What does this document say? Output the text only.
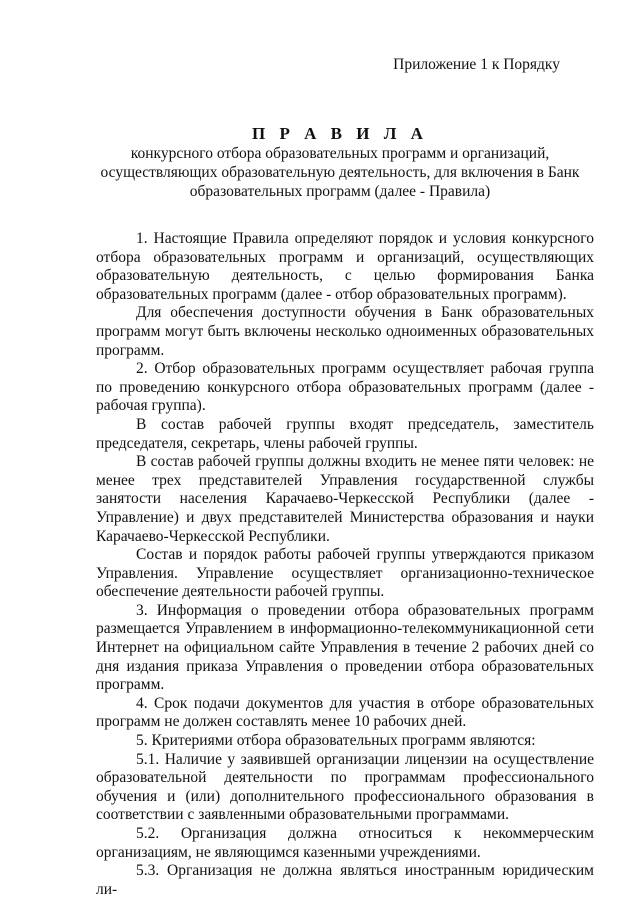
Приложение 1 к Порядку
П Р А В И Л А
конкурсного отбора образовательных программ и организаций,
осуществляющих образовательную деятельность, для включения в Банк
образовательных программ (далее - Правила)

1. Настоящие Правила определяют порядок и условия конкурсного отбора образовательных программ и организаций, осуществляющих образовательную деятельность, с целью формирования Банка образовательных программ (далее - отбор образовательных программ).

Для обеспечения доступности обучения в Банк образовательных программ могут быть включены несколько одноименных образовательных программ.

2. Отбор образовательных программ осуществляет рабочая группа по проведению конкурсного отбора образовательных программ (далее - рабочая группа).

В состав рабочей группы входят председатель, заместитель председателя, секретарь, члены рабочей группы.

В состав рабочей группы должны входить не менее пяти человек: не менее трех представителей Управления государственной службы занятости населения Карачаево-Черкесской Республики (далее - Управление) и двух представителей Министерства образования и науки Карачаево-Черкесской Республики.

Состав и порядок работы рабочей группы утверждаются приказом Управления. Управление осуществляет организационно-техническое обеспечение деятельности рабочей группы.

3. Информация о проведении отбора образовательных программ размещается Управлением в информационно-телекоммуникационной сети Интернет на официальном сайте Управления в течение 2 рабочих дней со дня издания приказа Управления о проведении отбора образовательных программ.

4. Срок подачи документов для участия в отборе образовательных программ не должен составлять менее 10 рабочих дней.

5. Критериями отбора образовательных программ являются:

5.1. Наличие у заявившей организации лицензии на осуществление образовательной деятельности по программам профессионального обучения и (или) дополнительного профессионального образования в соответствии с заявленными образовательными программами.

5.2. Организация должна относиться к некоммерческим организациям, не являющимся казенными учреждениями.

5.3. Организация не должна являться иностранным юридическим ли-
